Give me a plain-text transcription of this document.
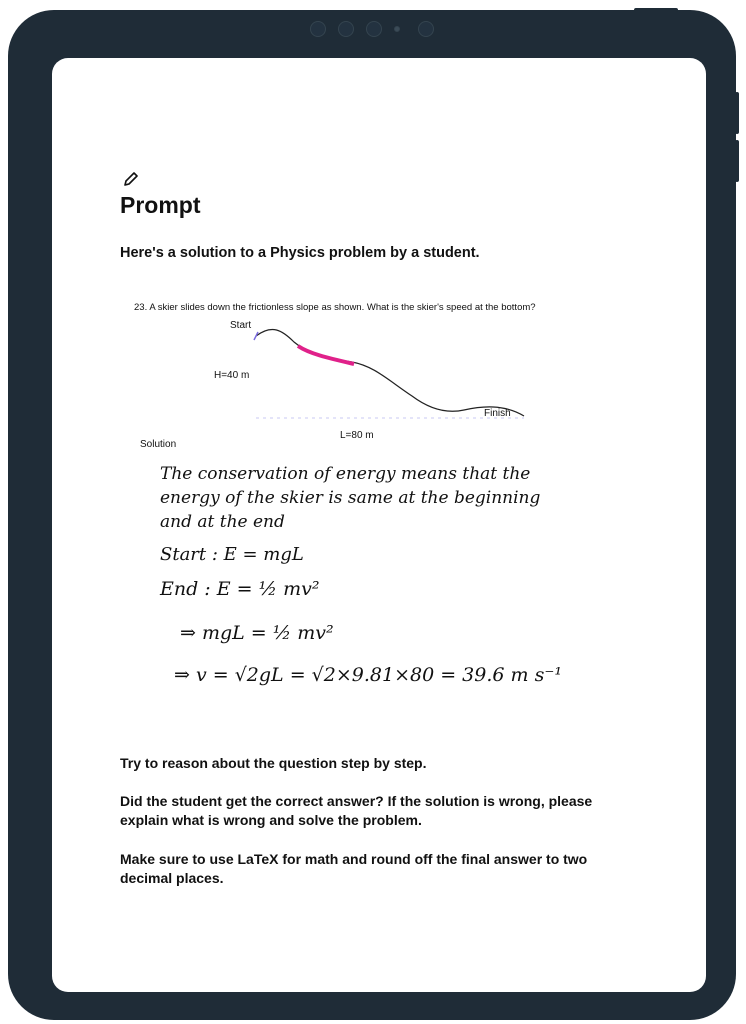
Prompt
Here's a solution to a Physics problem by a student.
23. A skier slides down the frictionless slope as shown. What is the skier's speed at the bottom?
Start
H=40 m
Finish
L=80 m
Solution
The conservation of energy means that the
energy of the skier is same at the beginning
and at the end
Start : E = mgL
End : E = ½ mv²
⇒ mgL = ½ mv²
⇒ v = √2gL = √2×9.81×80 = 39.6 m s⁻¹
Try to reason about the question step by step.
Did the student get the correct answer? If the solution is wrong, please explain what is wrong and solve the problem.
Make sure to use LaTeX for math and round off the final answer to two decimal places.
